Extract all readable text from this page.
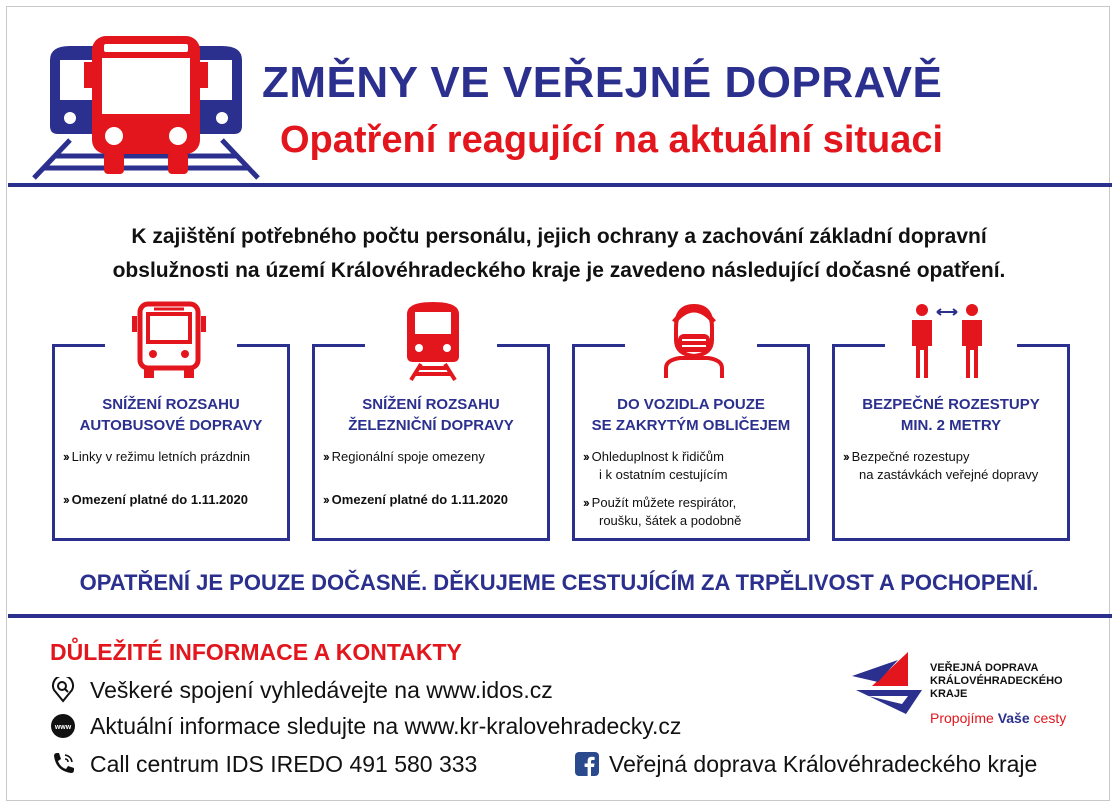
ZMĚNY VE VEŘEJNÉ DOPRAVĚ
Opatření reagující na aktuální situaci
K zajištění potřebného počtu personálu, jejich ochrany a zachování základní dopravní
obslužnosti na území Královéhradeckého kraje je zavedeno následující dočasné opatření.
SNÍŽENÍ ROZSAHU
AUTOBUSOVÉ DOPRAVY
›› Linky v režimu letních prázdnin
›› Omezení platné do 1.11.2020
SNÍŽENÍ ROZSAHU
ŽELEZNIČNÍ DOPRAVY
›› Regionální spoje omezeny
›› Omezení platné do 1.11.2020
DO VOZIDLA POUZE
SE ZAKRYTÝM OBLIČEJEM
›› Ohleduplnost k řidičům
i k ostatním cestujícím
›› Použít můžete respirátor,
roušku, šátek a podobně
BEZPEČNÉ ROZESTUPY
MIN. 2 METRY
›› Bezpečné rozestupy
na zastávkách veřejné dopravy
OPATŘENÍ JE POUZE DOČASNÉ. DĚKUJEME CESTUJÍCÍM ZA TRPĚLIVOST A POCHOPENÍ.
DŮLEŽITÉ INFORMACE A KONTAKTY
Veškeré spojení vyhledávejte na www.idos.cz
www Aktuální informace sledujte na www.kr-kralovehradecky.cz
Call centrum IDS IREDO 491 580 333
VEŘEJNÁ DOPRAVA
KRÁLOVÉHRADECKÉHO
KRAJE
Propojíme Vaše cesty
Veřejná doprava Královéhradeckého kraje
